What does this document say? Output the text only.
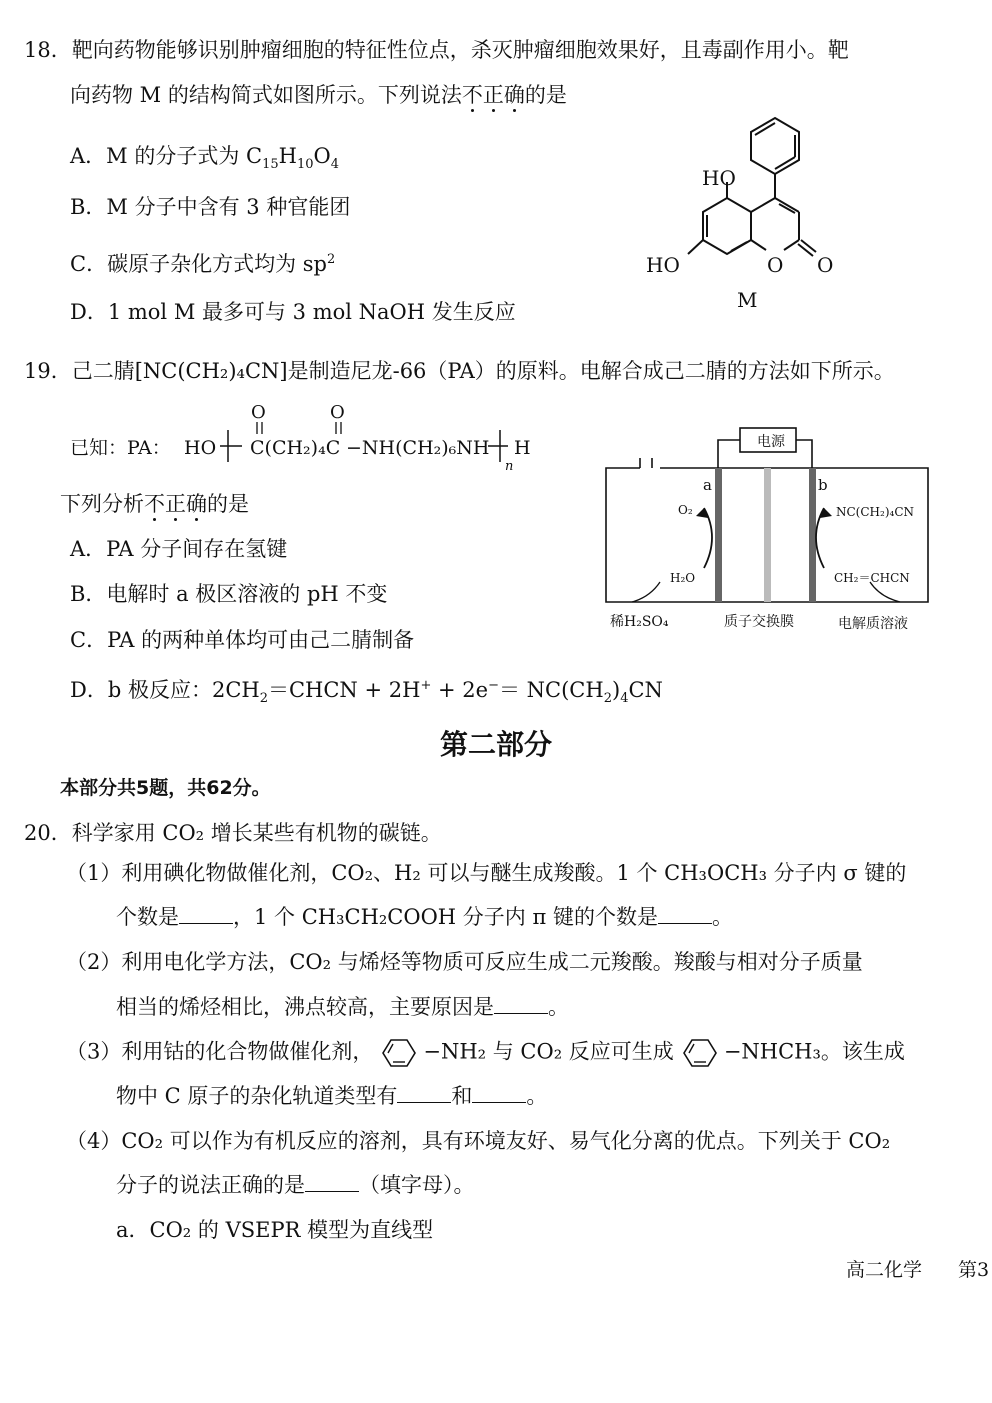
18．靶向药物能够识别肿瘤细胞的特征性位点，杀灭肿瘤细胞效果好，且毒副作用小。靶
向药物 M 的结构简式如图所示。下列说法不正确的是
A．M 的分子式为 $C_{15}H_{10}O_4$
B．M 分子中含有 3 种官能团
C．碳原子杂化方式均为 $sp^2$
D．1 mol M 最多可与 3 mol NaOH 发生反应
HO
HO	O O
M
19．己二腈[NC(CH₂)₄CN]是制造尼龙-66（PA）的原料。电解合成己二腈的方法如下所示。
已知：PA： HO C(CH₂)₄C
O	O
−NH(CH₂)₆NH
n
H
下列分析不正确的是
A．PA 分子间存在氢键
B．电解时 a 极区溶液的 pH 不变
C．PA 的两种单体均可由己二腈制备
D．b 极反应：$2CH_2=CHCN + 2H^+ + 2e^-= NC(CH_2)_4CN$
电源
a	b
O₂
H₂O
NC(CH₂)₄CN
CH₂＝CHCN
稀H₂SO₄	质子交换膜	电解质溶液
第二部分
本部分共5题，共62分。
20．科学家用 CO₂ 增长某些有机物的碳链。
（1）利用碘化物做催化剂，CO₂、H₂ 可以与醚生成羧酸。1 个 CH₃OCH₃ 分子内 σ 键的
个数是	，1 个 CH₃CH₂COOH 分子内 π 键的个数是	。
（2）利用电化学方法，CO₂ 与烯烃等物质可反应生成二元羧酸。羧酸与相对分子质量
相当的烯烃相比，沸点较高，主要原因是	。
（3）利用钴的化合物做催化剂， −NH₂ 与 CO₂ 反应可生成 −NHCH₃。该生成
物中 C 原子的杂化轨道类型有	和	。
（4）CO₂ 可以作为有机反应的溶剂，具有环境友好、易气化分离的优点。下列关于 CO₂
分子的说法正确的是	（填字母）。
a．CO₂ 的 VSEPR 模型为直线型
高二化学 第3
